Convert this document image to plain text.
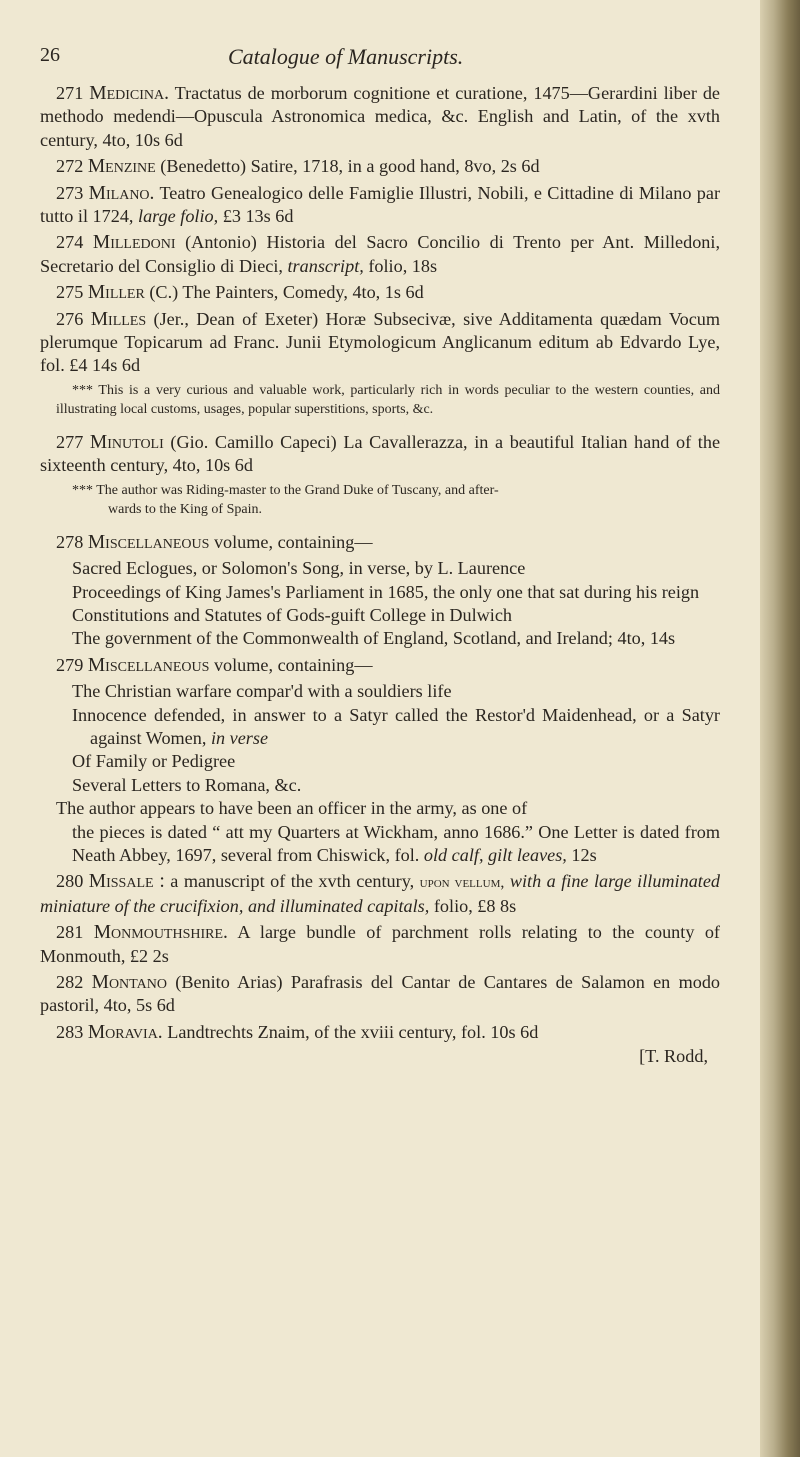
26	Catalogue of Manuscripts.

271 Medicina. Tractatus de morborum cognitione et curatione, 1475—Gerardini liber de methodo medendi—Opuscula Astronomica medica, &c. English and Latin, of the xvth century, 4to, 10s 6d

272 Menzine (Benedetto) Satire, 1718, in a good hand, 8vo, 2s 6d

273 Milano. Teatro Genealogico delle Famiglie Illustri, Nobili, e Cittadine di Milano par tutto il 1724, large folio, £3 13s 6d

274 Milledoni (Antonio) Historia del Sacro Concilio di Trento per Ant. Milledoni, Secretario del Consiglio di Dieci, transcript, folio, 18s

275 Miller (C.) The Painters, Comedy, 4to, 1s 6d

276 Milles (Jer., Dean of Exeter) Horæ Subsecivæ, sive Additamenta quædam Vocum plerumque Topicarum ad Franc. Junii Etymologicum Anglicanum editum ab Edvardo Lye, fol. £4 14s 6d

*** This is a very curious and valuable work, particularly rich in words peculiar to the western counties, and illustrating local customs, usages, popular superstitions, sports, &c.

277 Minutoli (Gio. Camillo Capeci) La Cavallerazza, in a beautiful Italian hand of the sixteenth century, 4to, 10s 6d

*** The author was Riding-master to the Grand Duke of Tuscany, and after-
wards to the King of Spain.

278 Miscellaneous volume, containing—

Sacred Eclogues, or Solomon's Song, in verse, by L. Laurence
Proceedings of King James's Parliament in 1685, the only one that sat during his reign
Constitutions and Statutes of Gods-guift College in Dulwich
The government of the Commonwealth of England, Scotland, and Ireland; 4to, 14s

279 Miscellaneous volume, containing—

The Christian warfare compar'd with a souldiers life
Innocence defended, in answer to a Satyr called the Restor'd Maidenhead, or a Satyr against Women, in verse
Of Family or Pedigree
Several Letters to Romana, &c.

The author appears to have been an officer in the army, as one of
the pieces is dated “ att my Quarters at Wickham, anno 1686.” One Letter is dated from Neath Abbey, 1697, several from Chiswick, fol. old calf, gilt leaves, 12s

280 Missale : a manuscript of the xvth century, upon vellum, with a fine large illuminated miniature of the crucifixion, and illuminated capitals, folio, £8 8s

281 Monmouthshire. A large bundle of parchment rolls relating to the county of Monmouth, £2 2s

282 Montano (Benito Arias) Parafrasis del Cantar de Cantares de Salamon en modo pastoril, 4to, 5s 6d

283 Moravia. Landtrechts Znaim, of the xviii century, fol. 10s 6d

[T. Rodd,
